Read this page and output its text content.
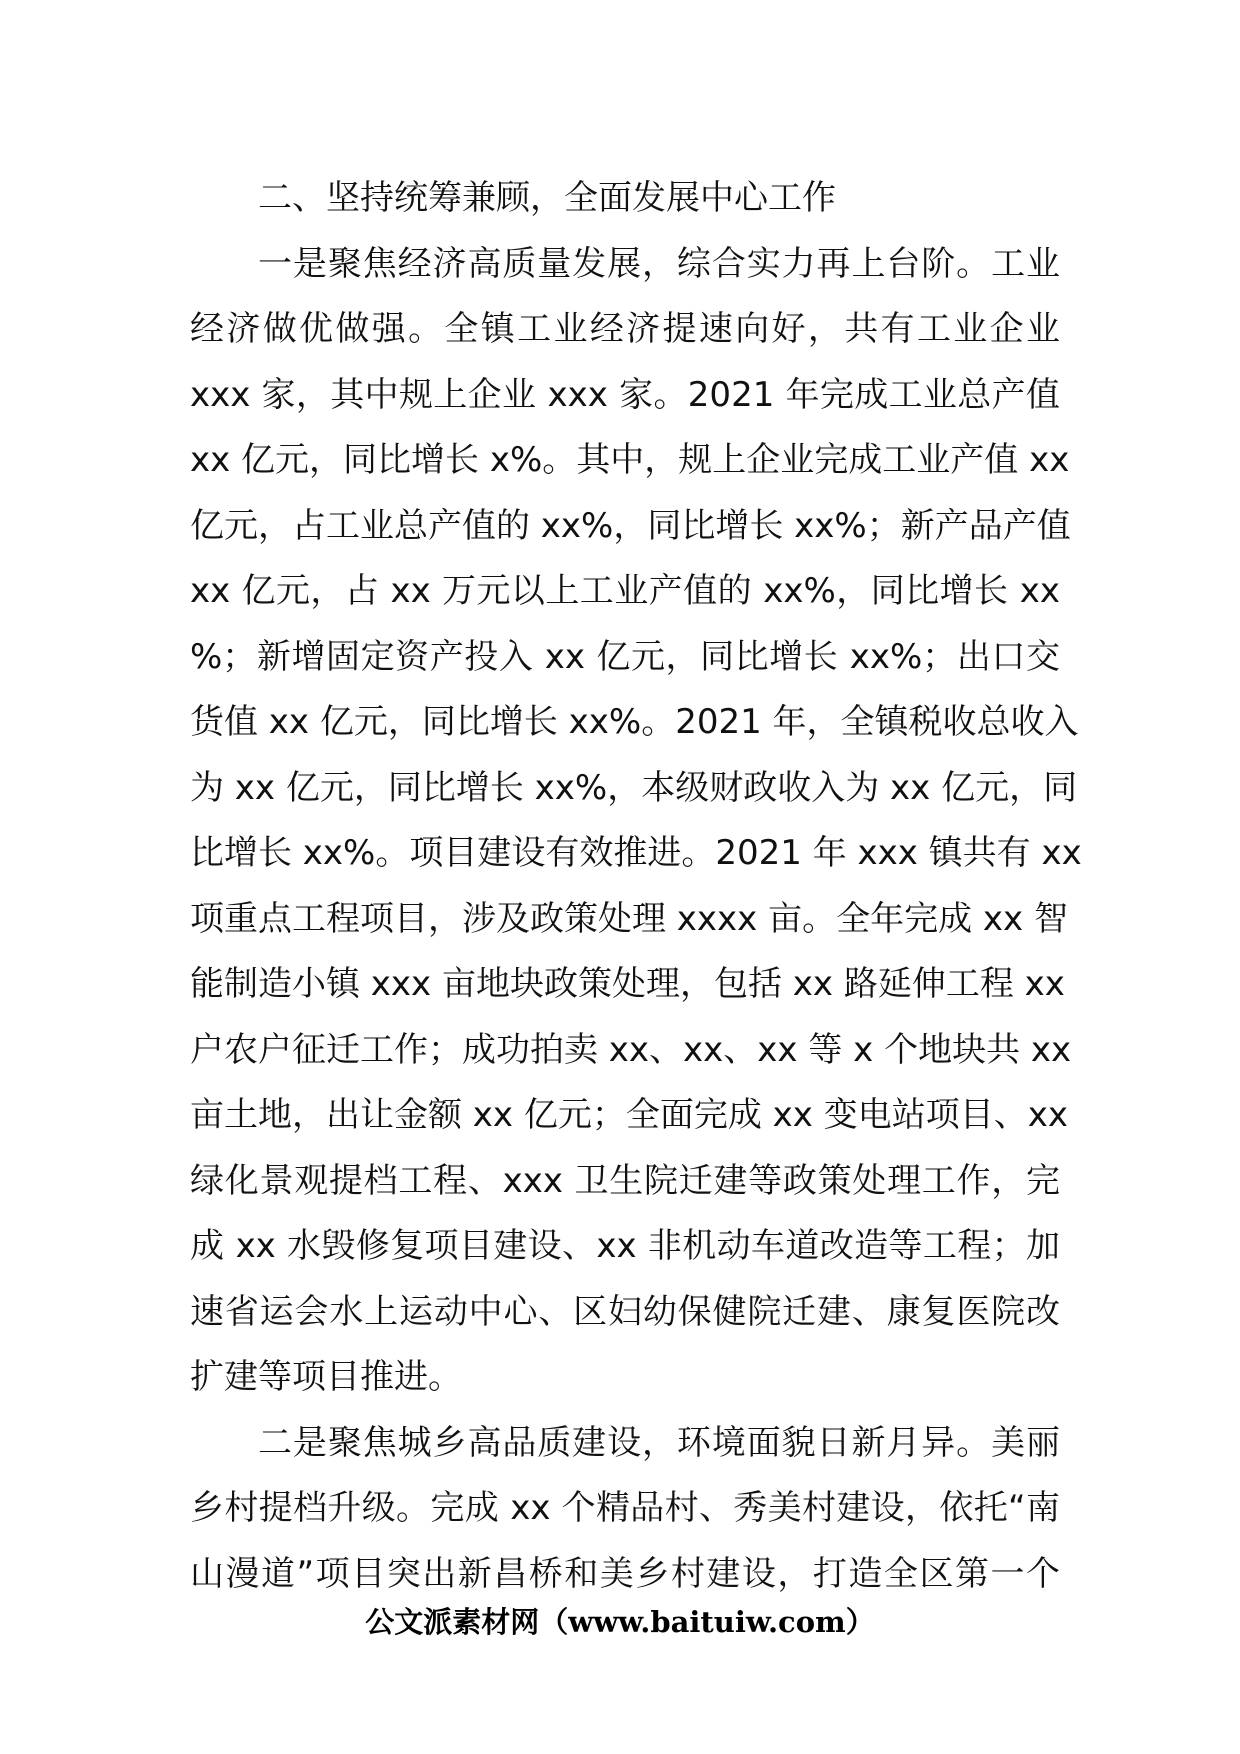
二、坚持统筹兼顾，全面发展中心工作
一是聚焦经济高质量发展，综合实力再上台阶。工业
经济做优做强。全镇工业经济提速向好，共有工业企业
xxx 家，其中规上企业 xxx 家。2021 年完成工业总产值
xx 亿元，同比增长 x%。其中，规上企业完成工业产值 xx
亿元，占工业总产值的 xx%，同比增长 xx%；新产品产值
xx 亿元，占 xx 万元以上工业产值的 xx%，同比增长 xx
%；新增固定资产投入 xx 亿元，同比增长 xx%；出口交
货值 xx 亿元，同比增长 xx%。2021 年，全镇税收总收入
为 xx 亿元，同比增长 xx%，本级财政收入为 xx 亿元，同
比增长 xx%。项目建设有效推进。2021 年 xxx 镇共有 xx
项重点工程项目，涉及政策处理 xxxx 亩。全年完成 xx 智
能制造小镇 xxx 亩地块政策处理，包括 xx 路延伸工程 xx
户农户征迁工作；成功拍卖 xx、xx、xx 等 x 个地块共 xx
亩土地，出让金额 xx 亿元；全面完成 xx 变电站项目、xx
绿化景观提档工程、xxx 卫生院迁建等政策处理工作，完
成 xx 水毁修复项目建设、xx 非机动车道改造等工程；加
速省运会水上运动中心、区妇幼保健院迁建、康复医院改
扩建等项目推进。
二是聚焦城乡高品质建设，环境面貌日新月异。美丽
乡村提档升级。完成 xx 个精品村、秀美村建设，依托“南
山漫道”项目突出新昌桥和美乡村建设，打造全区第一个
公文派素材网（www.baituiw.com）
